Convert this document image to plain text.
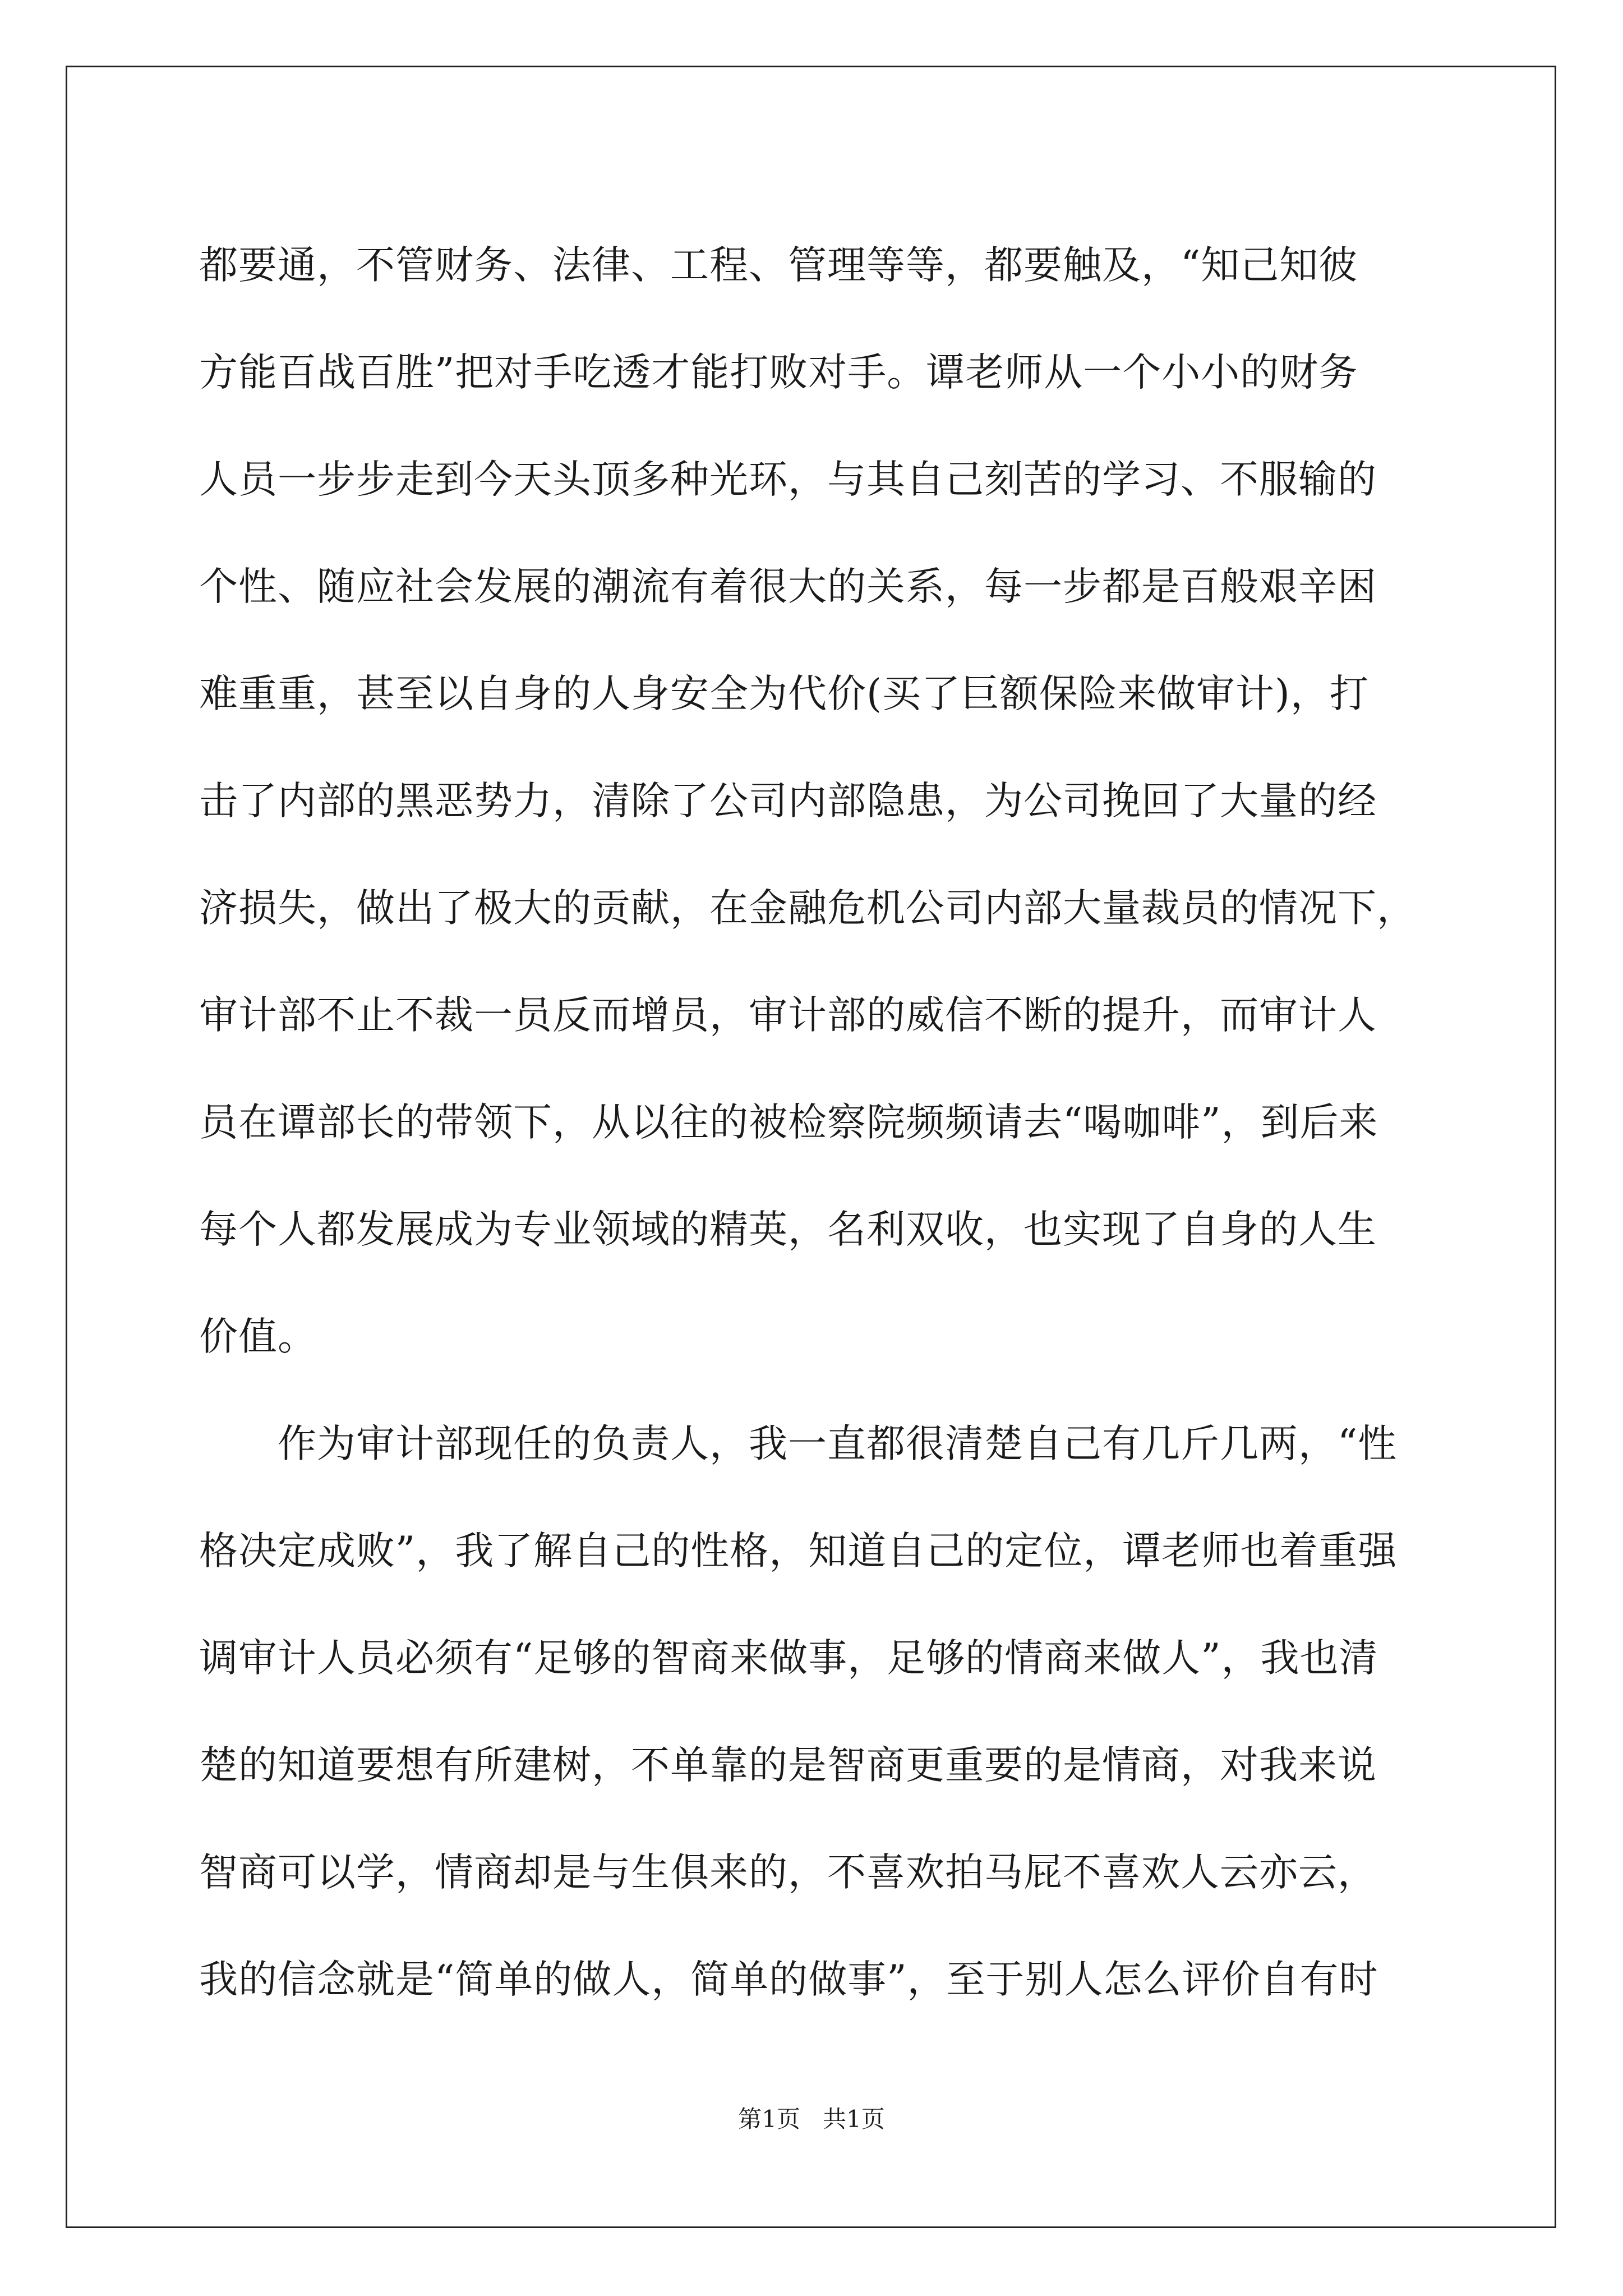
都要通，不管财务、法律、工程、管理等等，都要触及，“知己知彼
方能百战百胜”把对手吃透才能打败对手。谭老师从一个小小的财务
人员一步步走到今天头顶多种光环，与其自己刻苦的学习、不服输的
个性、随应社会发展的潮流有着很大的关系，每一步都是百般艰辛困
难重重，甚至以自身的人身安全为代价(买了巨额保险来做审计)，打
击了内部的黑恶势力，清除了公司内部隐患，为公司挽回了大量的经
济损失，做出了极大的贡献，在金融危机公司内部大量裁员的情况下，
审计部不止不裁一员反而增员，审计部的威信不断的提升，而审计人
员在谭部长的带领下，从以往的被检察院频频请去“喝咖啡”，到后来
每个人都发展成为专业领域的精英，名利双收，也实现了自身的人生
价值。
作为审计部现任的负责人，我一直都很清楚自己有几斤几两，“性
格决定成败”，我了解自己的性格，知道自己的定位，谭老师也着重强
调审计人员必须有“足够的智商来做事，足够的情商来做人”，我也清
楚的知道要想有所建树，不单靠的是智商更重要的是情商，对我来说
智商可以学，情商却是与生俱来的，不喜欢拍马屁不喜欢人云亦云，
我的信念就是“简单的做人，简单的做事”，至于别人怎么评价自有时
第1页 共1页
